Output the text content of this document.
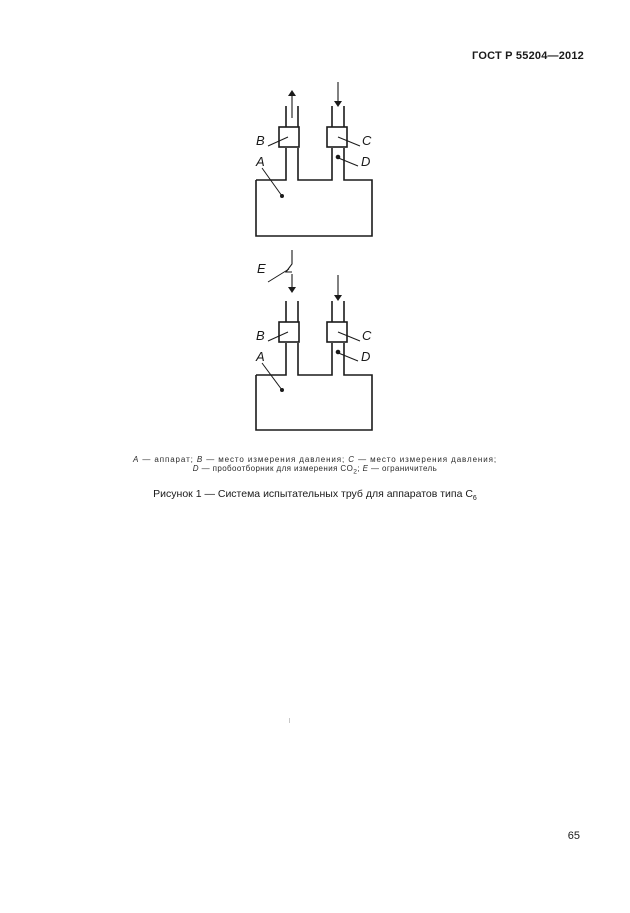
ГОСТ Р 55204—2012
B	C
A	D
E
B	C
A	D
A — аппарат; B — место измерения давления; C — место измерения давления;
D — пробоотборник для измерения $CO_2$; E — ограничитель
Рисунок 1 — Система испытательных труб для аппаратов типа $C_6$
65
